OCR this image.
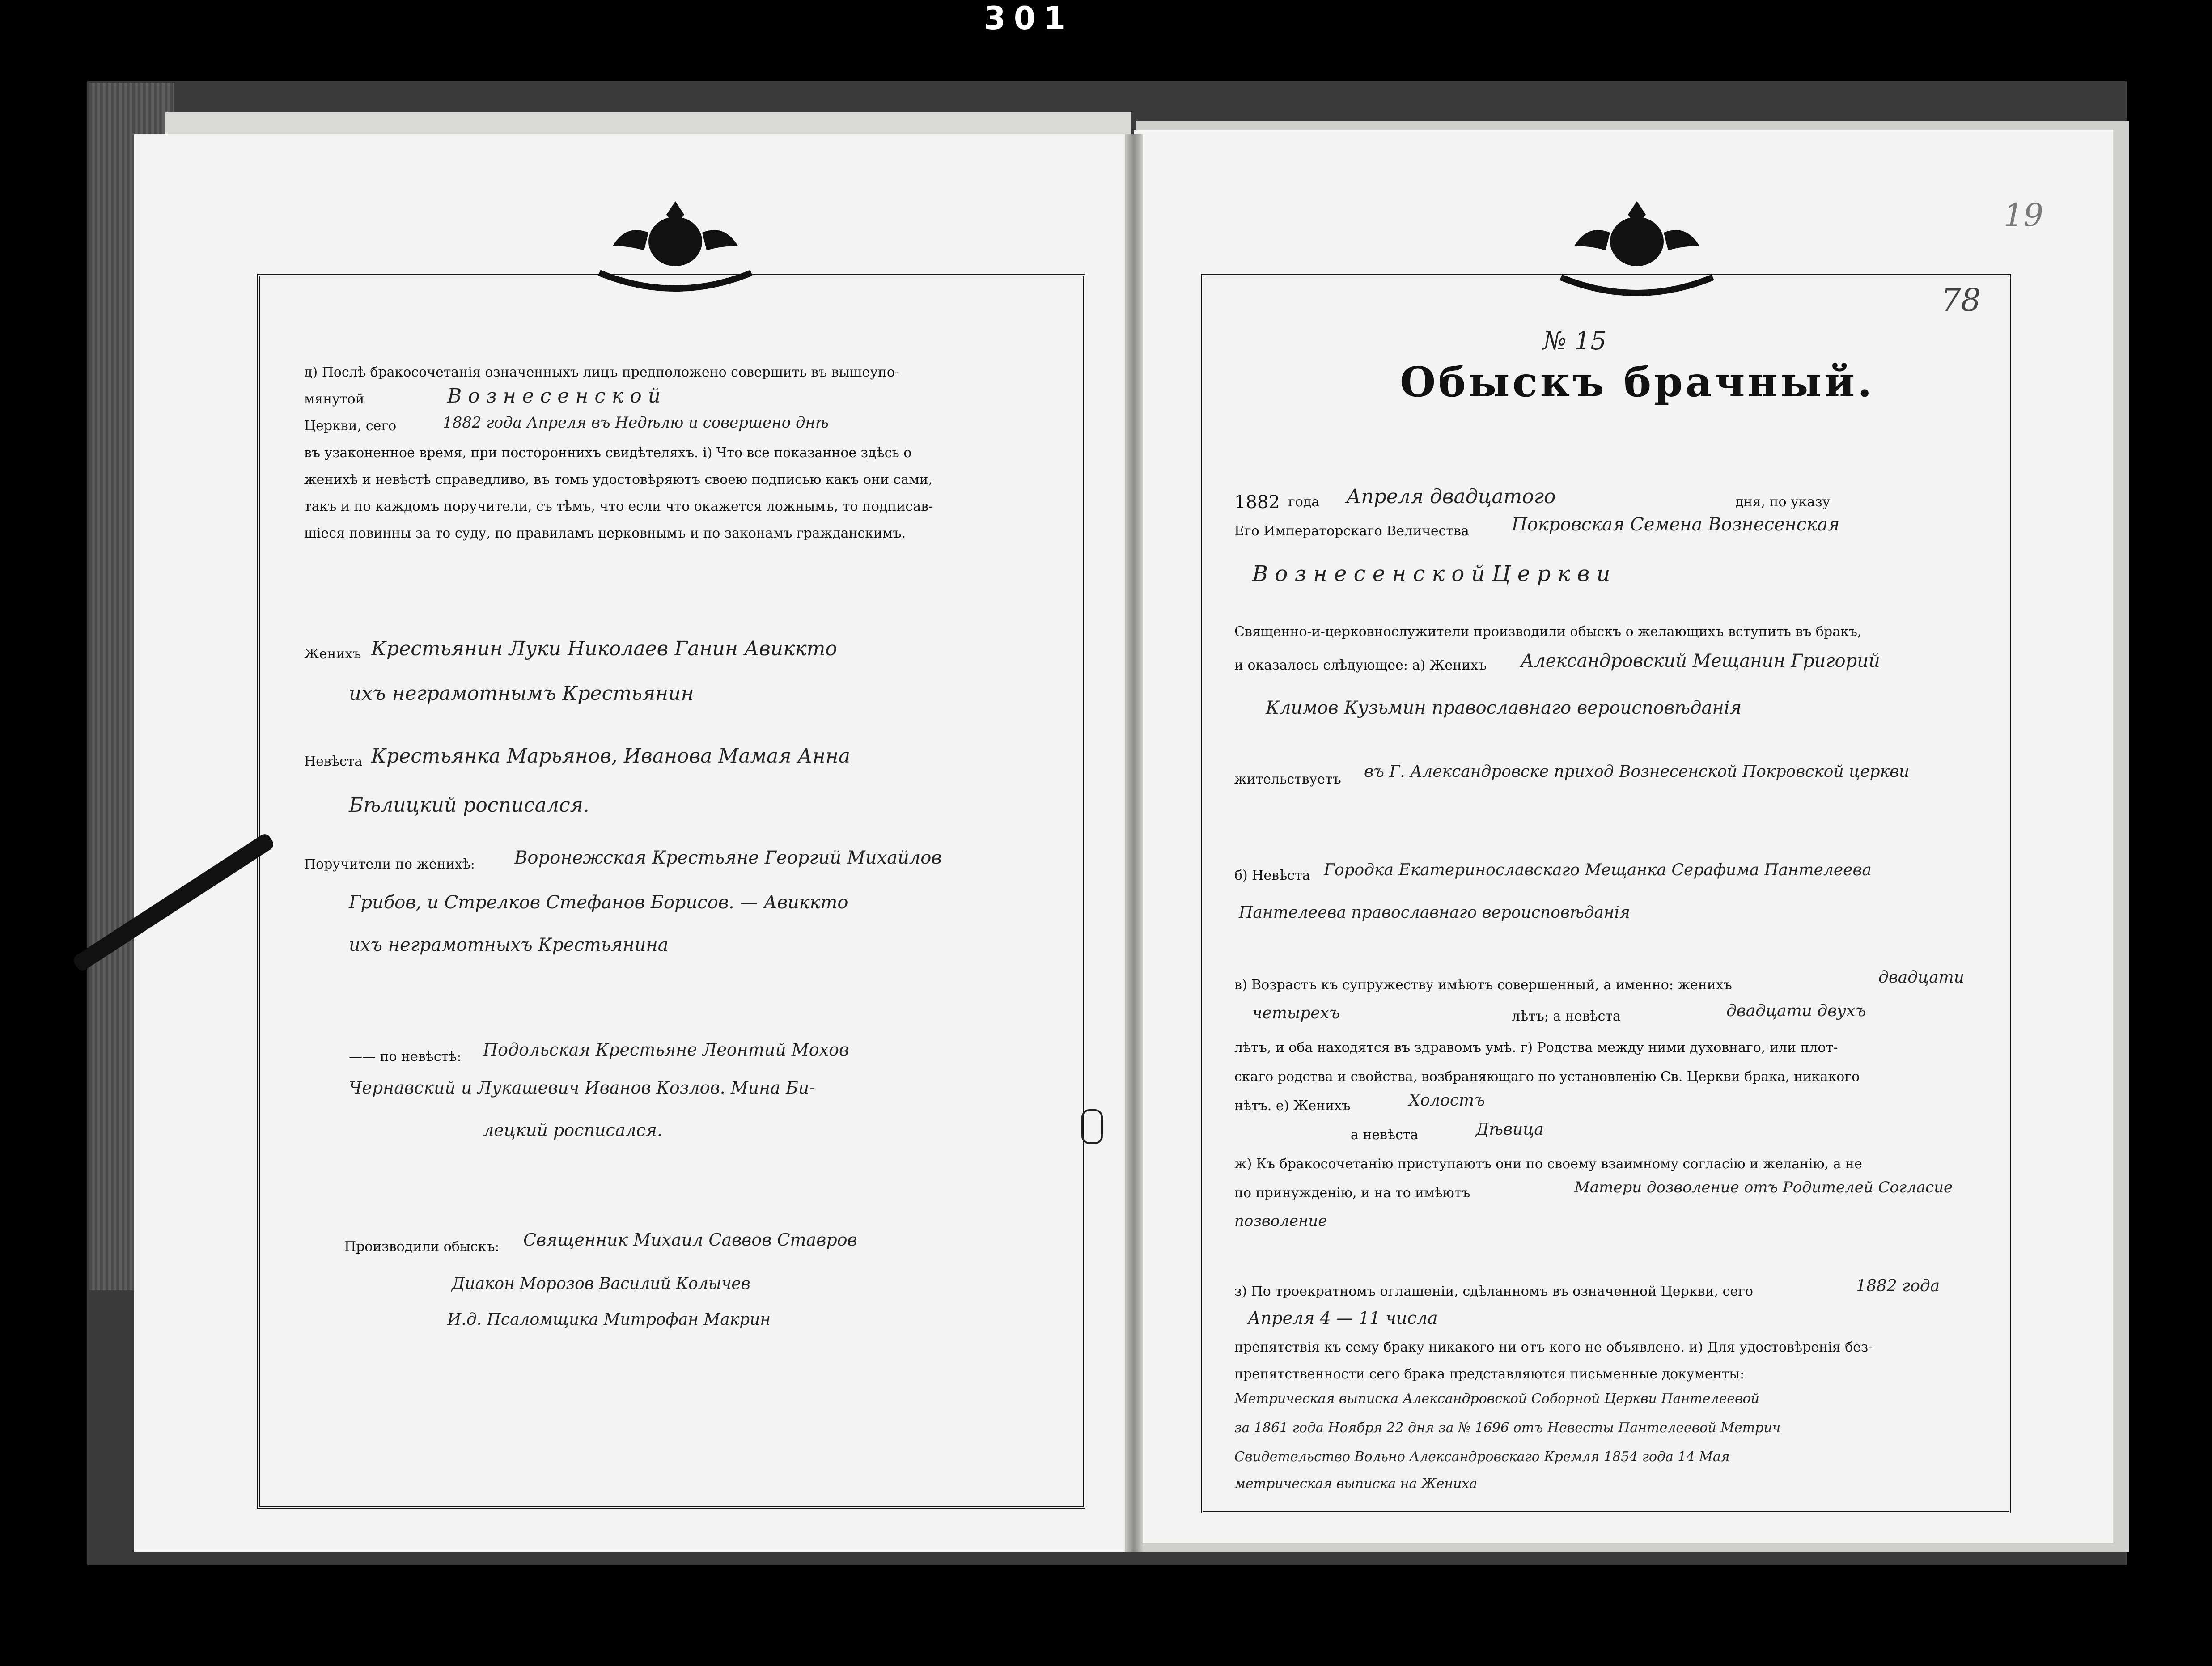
301
д) Послѣ бракосочетанія означенныхъ лицъ предположено совершить въ вышеупо-
мянутой	В о з н е с е н с к о й
Церкви, сего	1882 года Апреля въ Недѣлю и совершено днѣ
въ узаконенное время, при постороннихъ свидѣтеляхъ. і) Что все показанное здѣсь о
женихѣ и невѣстѣ справедливо, въ томъ удостовѣряютъ своею подписью какъ они сами,
такъ и по каждомъ поручители, съ тѣмъ, что если что окажется ложнымъ, то подписав-
шіеся повинны за то суду, по правиламъ церковнымъ и по законамъ гражданскимъ.
Женихъ Крестьянин Луки Николаев Ганин Авиккто
ихъ неграмотнымъ Крестьянин
Невѣста Крестьянка Марьянов, Иванова Мамая Анна
Бѣлицкий росписался.
Поручители по женихѣ: Воронежская Крестьяне Георгий Михайлов
Грибов, и Стрелков Стефанов Борисов. — Авиккто
ихъ неграмотныхъ Крестьянина
—— по невѣстѣ: Подольская Крестьяне Леонтий Мохов
Чернавский и Лукашевич Иванов Козлов. Мина Би-
лецкий росписался.
Производили обыскъ: Священник Михаил Саввов Ставров
Диакон Морозов Василий Колычев
И.д. Псаломщика Митрофан Макрин
19
78
№ 15
Обыскъ брачный.
1882 года Апреля двадцатого	дня, по указу
Его Императорскаго Величества Покровская Семена Вознесенская
В о з н е с е н с к о й Ц е р к в и
Священно-и-церковнослужители производили обыскъ о желающихъ вступить въ бракъ,
и оказалось слѣдующее: а) Женихъ Александровский Мещанин Григорий
Климов Кузьмин православнаго вероисповѣданія
жительствуетъ въ Г. Александровске приход Вознесенской Покровской церкви
б) Невѣста Городка Екатеринославскаго Мещанка Серафима Пантелеева
Пантелеева православнаго вероисповѣданія
в) Возрастъ къ супружеству имѣютъ совершенный, а именно: женихъ	двадцати
четырехъ	лѣтъ; а невѣста	двадцати двухъ
лѣтъ, и оба находятся въ здравомъ умѣ. г) Родства между ними духовнаго, или плот-
скаго родства и свойства, возбраняющаго по установленію Св. Церкви брака, никакого
нѣтъ. е) Женихъ	Холостъ
а невѣста	Дѣвица
ж) Къ бракосочетанію приступаютъ они по своему взаимному согласію и желанію, а не
по принужденію, и на то имѣютъ	Матери дозволение отъ Родителей Согласие
позволение
з) По троекратномъ оглашеніи, сдѣланномъ въ означенной Церкви, сего	1882 года
Апреля 4 — 11 числа
препятствія къ сему браку никакого ни отъ кого не объявлено. и) Для удостовѣренія без-
препятственности сего брака представляются письменные документы:
Метрическая выписка Александровской Соборной Церкви Пантелеевой
за 1861 года Ноября 22 дня за № 1696 отъ Невесты Пантелеевой Метрич
Свидетельство Вольно Александровскаго Кремля 1854 года 14 Мая
метрическая выписка на Жениха
